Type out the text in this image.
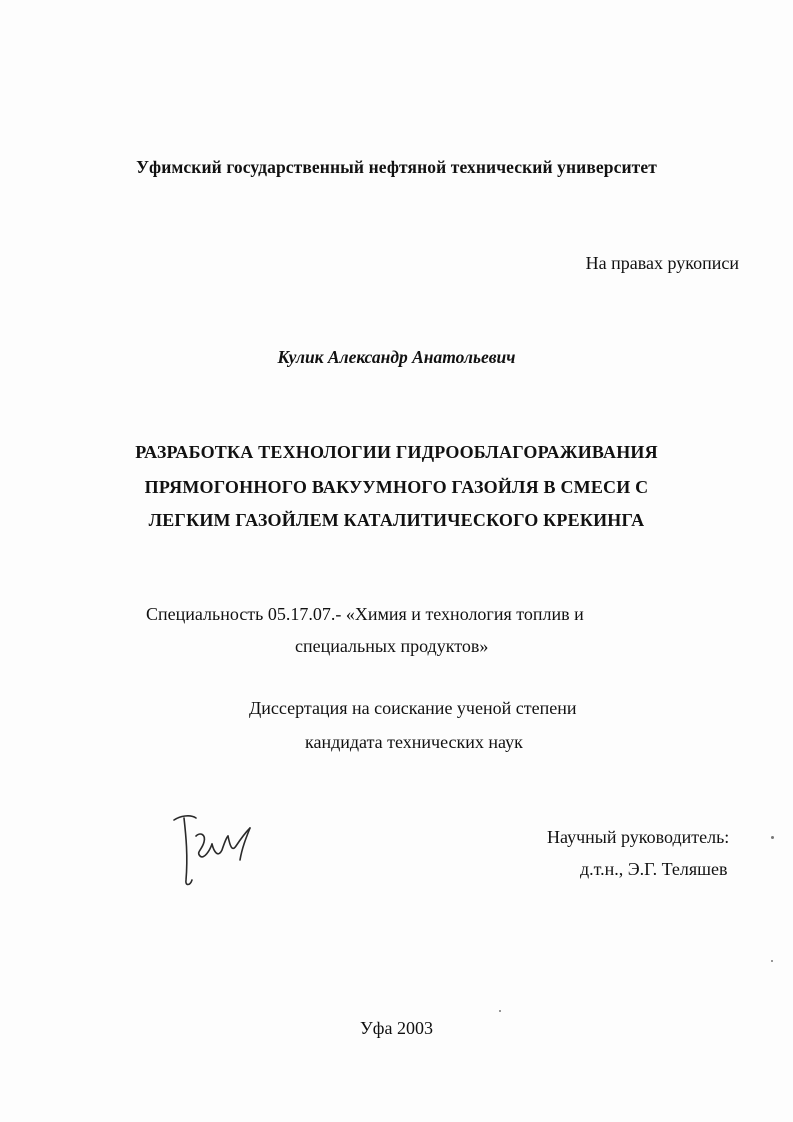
Уфимский государственный нефтяной технический университет
На правах рукописи
Кулик Александр Анатольевич
РАЗРАБОТКА ТЕХНОЛОГИИ ГИДРООБЛАГОРАЖИВАНИЯ
ПРЯМОГОННОГО ВАКУУМНОГО ГАЗОЙЛЯ В СМЕСИ С
ЛЕГКИМ ГАЗОЙЛЕМ КАТАЛИТИЧЕСКОГО КРЕКИНГА
Специальность 05.17.07.- «Химия и технология топлив и
специальных продуктов»
Диссертация на соискание ученой степени
кандидата технических наук
Научный руководитель:
д.т.н., Э.Г. Теляшев
Уфа 2003
